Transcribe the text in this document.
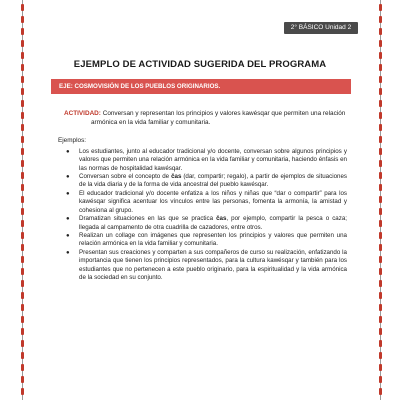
2° BÁSICO Unidad 2
EJEMPLO DE ACTIVIDAD SUGERIDA DEL PROGRAMA
EJE: COSMOVISIÓN DE LOS PUEBLOS ORIGINARIOS.
ACTIVIDAD: Conversan y representan los principios y valores kawésqar que permiten una relación
armónica en la vida familiar y comunitaria.
Ejemplos:
● Los estudiantes, junto al educador tradicional y/o docente, conversan sobre algunos principios y valores que permiten una relación armónica en la vida familiar y comunitaria, haciendo énfasis en las normas de hospitalidad kawésqar.
● Conversan sobre el concepto de čas (dar, compartir; regalo), a partir de ejemplos de situaciones de la vida diaria y de la forma de vida ancestral del pueblo kawésqar.
● El educador tradicional y/o docente enfatiza a los niños y niñas que “dar o compartir” para los kawésqar significa acentuar los vínculos entre las personas, fomenta la armonía, la amistad y cohesiona al grupo.
● Dramatizan situaciones en las que se practica čas, por ejemplo, compartir la pesca o caza; llegada al campamento de otra cuadrilla de cazadores, entre otros.
● Realizan un collage con imágenes que representen los principios y valores que permiten una relación armónica en la vida familiar y comunitaria.
● Presentan sus creaciones y comparten a sus compañeros de curso su realización, enfatizando la importancia que tienen los principios representados, para la cultura kawésqar y también para los estudiantes que no pertenecen a este pueblo originario, para la espiritualidad y la vida armónica de la sociedad en su conjunto.
